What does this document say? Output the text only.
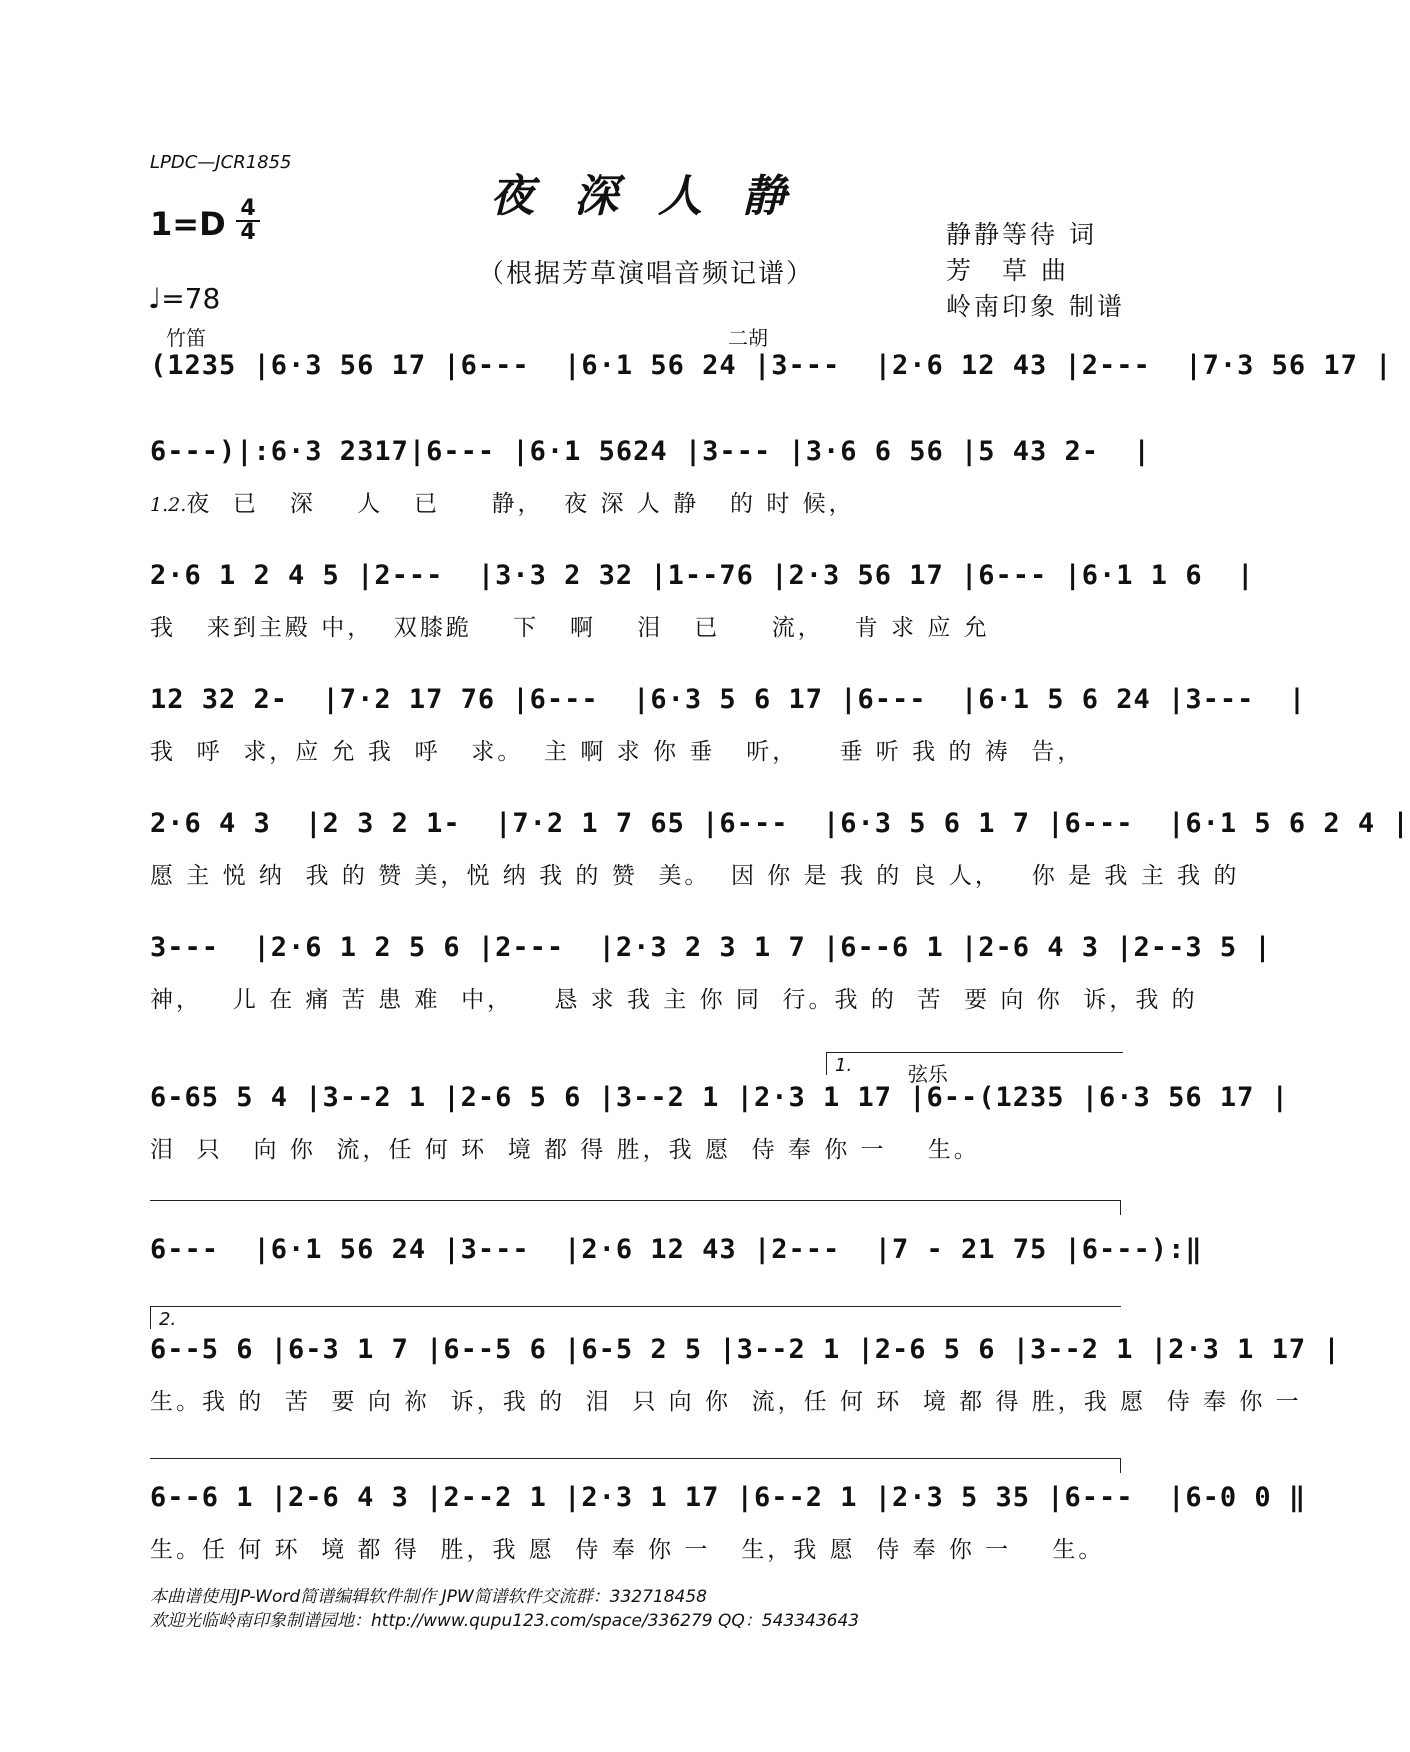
LPDC—JCR1855
夜深人静
（根据芳草演唱音频记谱）
1=D 4
4
♩=78
静静等待 词
芳　草 曲
岭南印象 制谱
竹笛	二胡
(1235 |6·3 56 17 |6---  |6·1 56 24 |3---  |2·6 12 43 |2---  |7·3 56 17 |
6---)|:6·3 2317|6--- |6·1 5624 |3--- |3·6 6 56 |5 43 2-  |
1.2.夜  已   深    人   已     静，  夜 深 人 静   的 时 候，
2·6 1 2 4 5 |2---  |3·3 2 32 |1--76 |2·3 56 17 |6--- |6·1 1 6  |
我   来到主殿 中，  双膝跪    下   啊    泪   已     流，   肯 求 应 允
12 32 2-  |7·2 17 76 |6---  |6·3 5 6 17 |6---  |6·1 5 6 24 |3---  |
我  呼  求，应 允 我  呼   求。  主 啊 求 你 垂   听，    垂 听 我 的 祷  告，
2·6 4 3  |2 3 2 1-  |7·2 1 7 65 |6---  |6·3 5 6 1 7 |6---  |6·1 5 6 2 4 |
愿 主 悦 纳  我 的 赞 美，悦 纳 我 的 赞  美。  因 你 是 我 的 良 人，   你 是 我 主 我 的
3---  |2·6 1 2 5 6 |2---  |2·3 2 3 1 7 |6--6 1 |2-6 4 3 |2--3 5 |
神，   儿 在 痛 苦 患 难  中，    恳 求 我 主 你 同  行。我 的  苦  要 向 你  诉，我 的
1.	弦乐
6-65 5 4 |3--2 1 |2-6 5 6 |3--2 1 |2·3 1 17 |6--(1235 |6·3 56 17 |
泪  只   向 你  流，任 何 环  境 都 得 胜，我 愿  侍 奉 你 一    生。
6---  |6·1 56 24 |3---  |2·6 12 43 |2---  |7 - 21 75 |6---):‖
2.
6--5 6 |6-3 1 7 |6--5 6 |6-5 2 5 |3--2 1 |2-6 5 6 |3--2 1 |2·3 1 17 |
生。我 的  苦  要 向 祢  诉，我 的  泪  只 向 你  流，任 何 环  境 都 得 胜，我 愿  侍 奉 你 一
6--6 1 |2-6 4 3 |2--2 1 |2·3 1 17 |6--2 1 |2·3 5 35 |6---  |6-0 0 ‖
生。任 何 环  境 都 得  胜，我 愿  侍 奉 你 一   生，我 愿  侍 奉 你 一    生。
本曲谱使用JP-Word简谱编辑软件制作 JPW简谱软件交流群：332718458
欢迎光临岭南印象制谱园地：http://www.qupu123.com/space/336279 QQ：543343643
